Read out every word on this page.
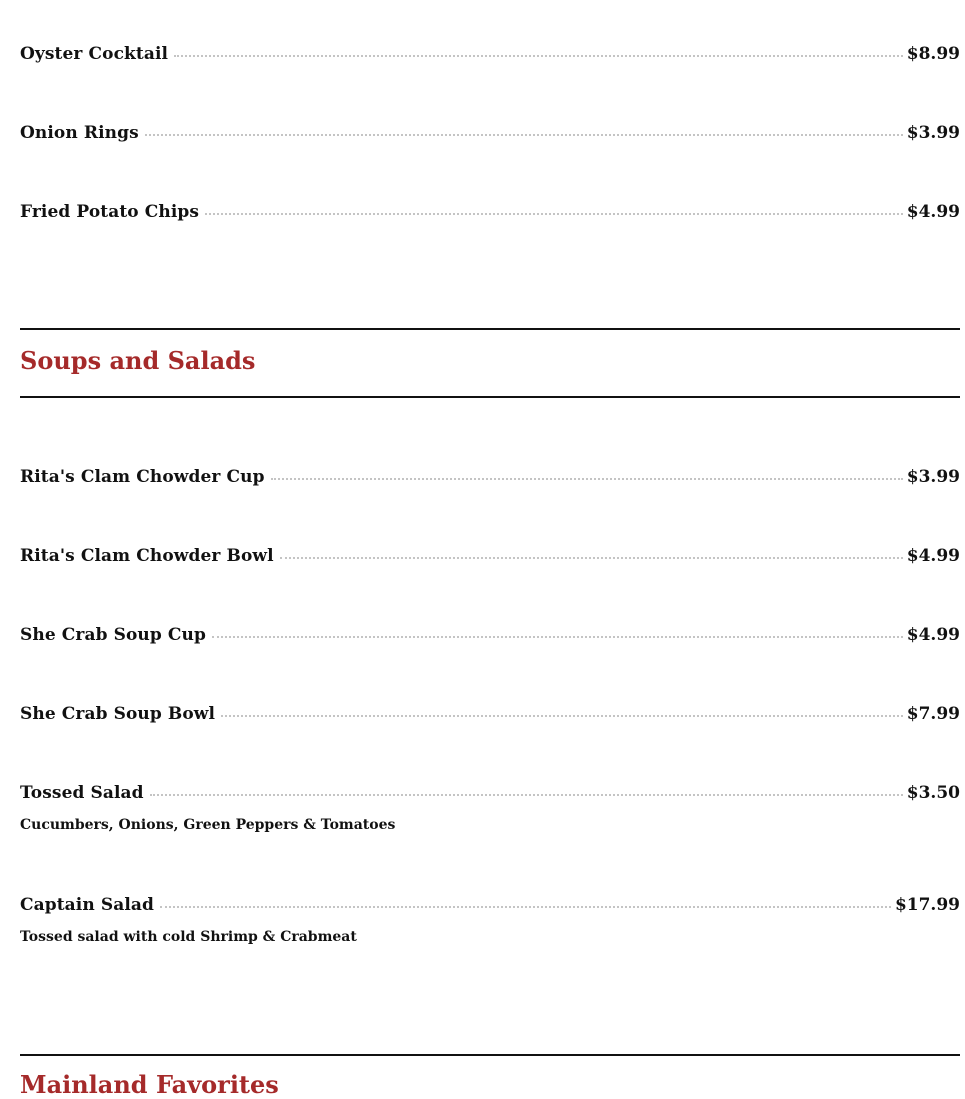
Oyster Cocktail	$8.99
Onion Rings	$3.99
Fried Potato Chips	$4.99
Soups and Salads
Rita's Clam Chowder Cup	$3.99
Rita's Clam Chowder Bowl	$4.99
She Crab Soup Cup	$4.99
She Crab Soup Bowl	$7.99
Tossed Salad	$3.50
Cucumbers, Onions, Green Peppers & Tomatoes
Captain Salad	$17.99
Tossed salad with cold Shrimp & Crabmeat
Mainland Favorites
